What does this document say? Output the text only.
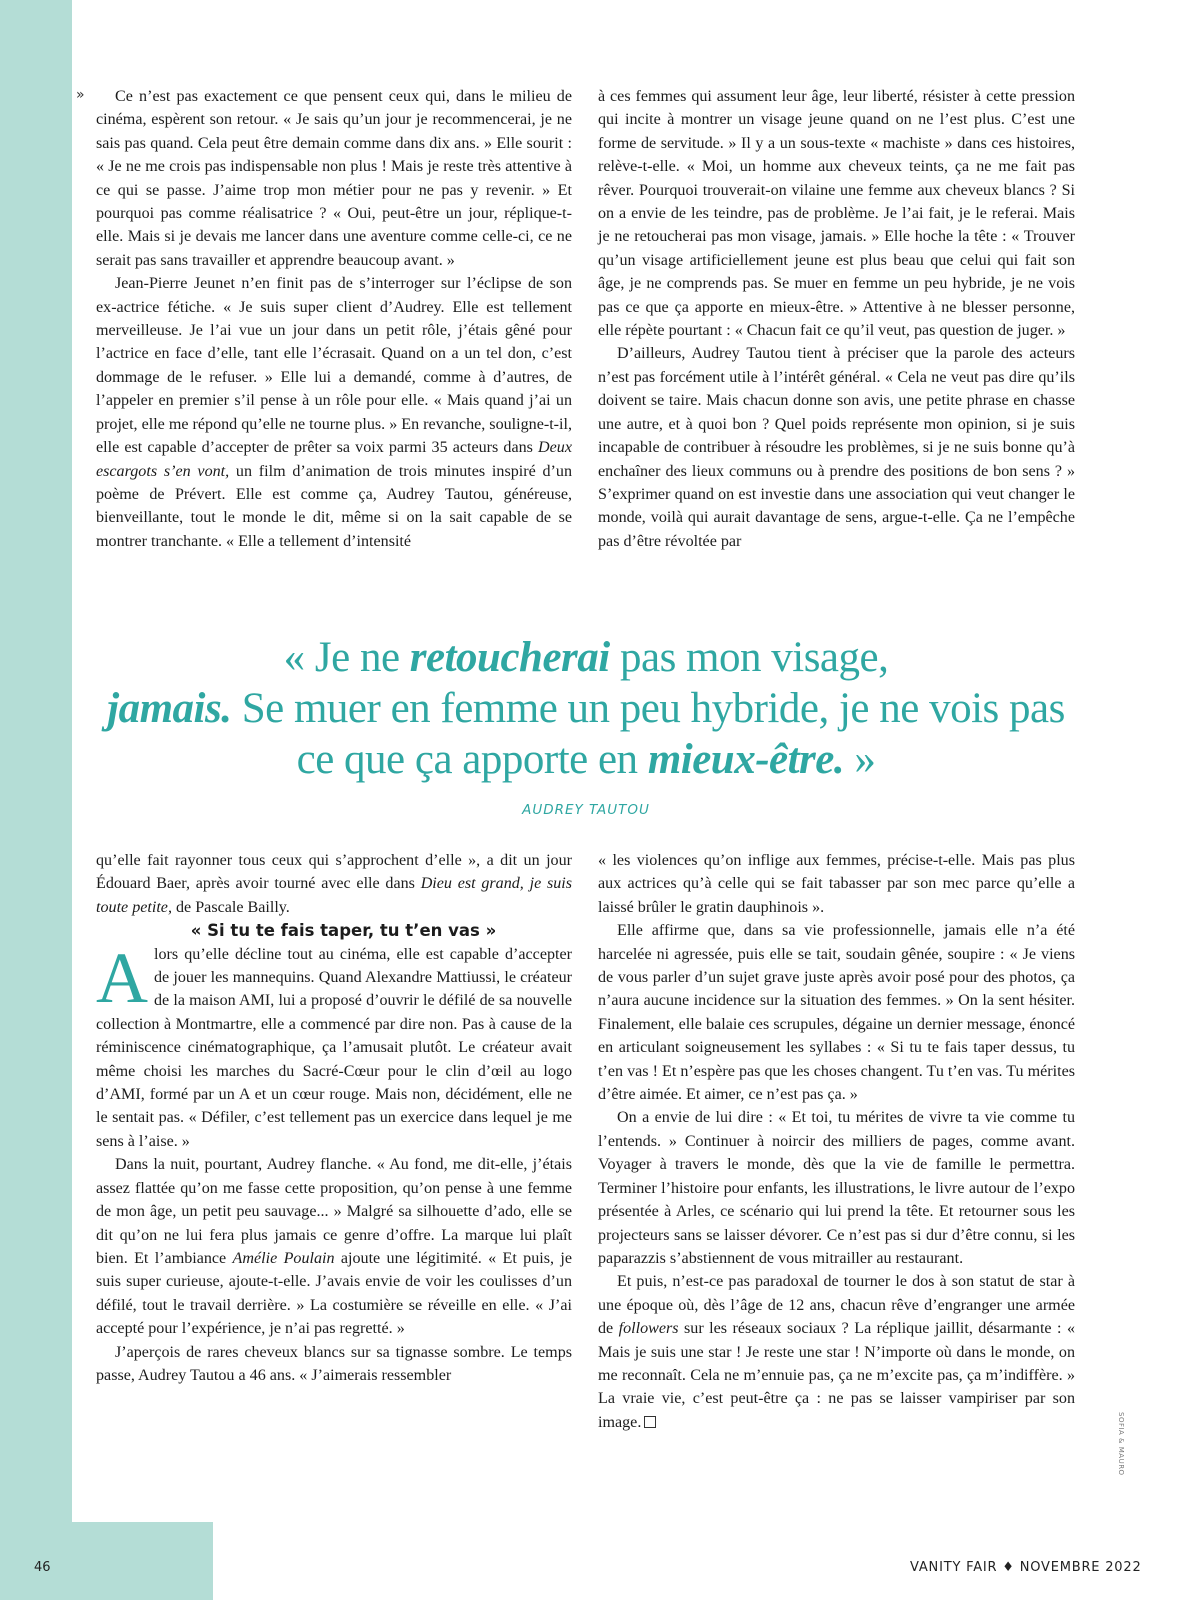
»	Ce n’est pas exactement ce que pensent ceux qui, dans le milieu de cinéma, espèrent son retour. « Je sais qu’un jour je recommencerai, je ne sais pas quand. Cela peut être demain comme dans dix ans. » Elle sourit : « Je ne me crois pas indispensable non plus ! Mais je reste très attentive à ce qui se passe. J’aime trop mon métier pour ne pas y revenir. » Et pourquoi pas comme réalisatrice ? « Oui, peut-être un jour, réplique-t-elle. Mais si je devais me lancer dans une aventure comme celle-ci, ce ne serait pas sans travailler et apprendre beaucoup avant. »

Jean-Pierre Jeunet n’en finit pas de s’interroger sur l’éclipse de son ex-actrice fétiche. « Je suis super client d’Audrey. Elle est tellement merveilleuse. Je l’ai vue un jour dans un petit rôle, j’étais gêné pour l’actrice en face d’elle, tant elle l’écrasait. Quand on a un tel don, c’est dommage de le refuser. » Elle lui a demandé, comme à d’autres, de l’appeler en premier s’il pense à un rôle pour elle. « Mais quand j’ai un projet, elle me répond qu’elle ne tourne plus. » En revanche, souligne-t-il, elle est capable d’accepter de prêter sa voix parmi 35 acteurs dans Deux escargots s’en vont, un film d’animation de trois minutes inspiré d’un poème de Prévert. Elle est comme ça, Audrey Tautou, généreuse, bienveillante, tout le monde le dit, même si on la sait capable de se montrer tranchante. « Elle a tellement d’intensité

à ces femmes qui assument leur âge, leur liberté, résister à cette pression qui incite à montrer un visage jeune quand on ne l’est plus. C’est une forme de servitude. » Il y a un sous-texte « machiste » dans ces histoires, relève-t-elle. « Moi, un homme aux cheveux teints, ça ne me fait pas rêver. Pourquoi trouverait-on vilaine une femme aux cheveux blancs ? Si on a envie de les teindre, pas de problème. Je l’ai fait, je le referai. Mais je ne retoucherai pas mon visage, jamais. » Elle hoche la tête : « Trouver qu’un visage artificiellement jeune est plus beau que celui qui fait son âge, je ne comprends pas. Se muer en femme un peu hybride, je ne vois pas ce que ça apporte en mieux-être. » Attentive à ne blesser personne, elle répète pourtant : « Chacun fait ce qu’il veut, pas question de juger. »

D’ailleurs, Audrey Tautou tient à préciser que la parole des acteurs n’est pas forcément utile à l’intérêt général. « Cela ne veut pas dire qu’ils doivent se taire. Mais chacun donne son avis, une petite phrase en chasse une autre, et à quoi bon ? Quel poids représente mon opinion, si je suis incapable de contribuer à résoudre les problèmes, si je ne suis bonne qu’à enchaîner des lieux communs ou à prendre des positions de bon sens ? » S’exprimer quand on est investie dans une association qui veut changer le monde, voilà qui aurait davantage de sens, argue-t-elle. Ça ne l’empêche pas d’être révoltée par

« Je ne retoucherai pas mon visage,
jamais. Se muer en femme un peu hybride, je ne vois pas ce que ça apporte en mieux-être. »
AUDREY TAUTOU

qu’elle fait rayonner tous ceux qui s’approchent d’elle », a dit un jour Édouard Baer, après avoir tourné avec elle dans Dieu est grand, je suis toute petite, de Pascale Bailly.

« Si tu te fais taper, tu t’en vas »

Alors qu’elle décline tout au cinéma, elle est capable d’accepter de jouer les mannequins. Quand Alexandre Mattiussi, le créateur de la maison AMI, lui a proposé d’ouvrir le défilé de sa nouvelle collection à Montmartre, elle a commencé par dire non. Pas à cause de la réminiscence cinématographique, ça l’amusait plutôt. Le créateur avait même choisi les marches du Sacré-Cœur pour le clin d’œil au logo d’AMI, formé par un A et un cœur rouge. Mais non, décidément, elle ne le sentait pas. « Défiler, c’est tellement pas un exercice dans lequel je me sens à l’aise. »

Dans la nuit, pourtant, Audrey flanche. « Au fond, me dit-elle, j’étais assez flattée qu’on me fasse cette proposition, qu’on pense à une femme de mon âge, un petit peu sauvage... » Malgré sa silhouette d’ado, elle se dit qu’on ne lui fera plus jamais ce genre d’offre. La marque lui plaît bien. Et l’ambiance Amélie Poulain ajoute une légitimité. « Et puis, je suis super curieuse, ajoute-t-elle. J’avais envie de voir les coulisses d’un défilé, tout le travail derrière. » La costumière se réveille en elle. « J’ai accepté pour l’expérience, je n’ai pas regretté. »

J’aperçois de rares cheveux blancs sur sa tignasse sombre. Le temps passe, Audrey Tautou a 46 ans. « J’aimerais ressembler

« les violences qu’on inflige aux femmes, précise-t-elle. Mais pas plus aux actrices qu’à celle qui se fait tabasser par son mec parce qu’elle a laissé brûler le gratin dauphinois ».

Elle affirme que, dans sa vie professionnelle, jamais elle n’a été harcelée ni agressée, puis elle se tait, soudain gênée, soupire : « Je viens de vous parler d’un sujet grave juste après avoir posé pour des photos, ça n’aura aucune incidence sur la situation des femmes. » On la sent hésiter. Finalement, elle balaie ces scrupules, dégaine un dernier message, énoncé en articulant soigneusement les syllabes : « Si tu te fais taper dessus, tu t’en vas ! Et n’espère pas que les choses changent. Tu t’en vas. Tu mérites d’être aimée. Et aimer, ce n’est pas ça. »

On a envie de lui dire : « Et toi, tu mérites de vivre ta vie comme tu l’entends. » Continuer à noircir des milliers de pages, comme avant. Voyager à travers le monde, dès que la vie de famille le permettra. Terminer l’histoire pour enfants, les illustrations, le livre autour de l’expo présentée à Arles, ce scénario qui lui prend la tête. Et retourner sous les projecteurs sans se laisser dévorer. Ce n’est pas si dur d’être connu, si les paparazzis s’abstiennent de vous mitrailler au restaurant.

Et puis, n’est-ce pas paradoxal de tourner le dos à son statut de star à une époque où, dès l’âge de 12 ans, chacun rêve d’engranger une armée de followers sur les réseaux sociaux ? La réplique jaillit, désarmante : « Mais je suis une star ! Je reste une star ! N’importe où dans le monde, on me reconnaît. Cela ne m’ennuie pas, ça ne m’excite pas, ça m’indiffère. » La vraie vie, c’est peut-être ça : ne pas se laisser vampiriser par son image.	SOFIA & MAURO
46	VANITY FAIR ♦ NOVEMBRE 2022
